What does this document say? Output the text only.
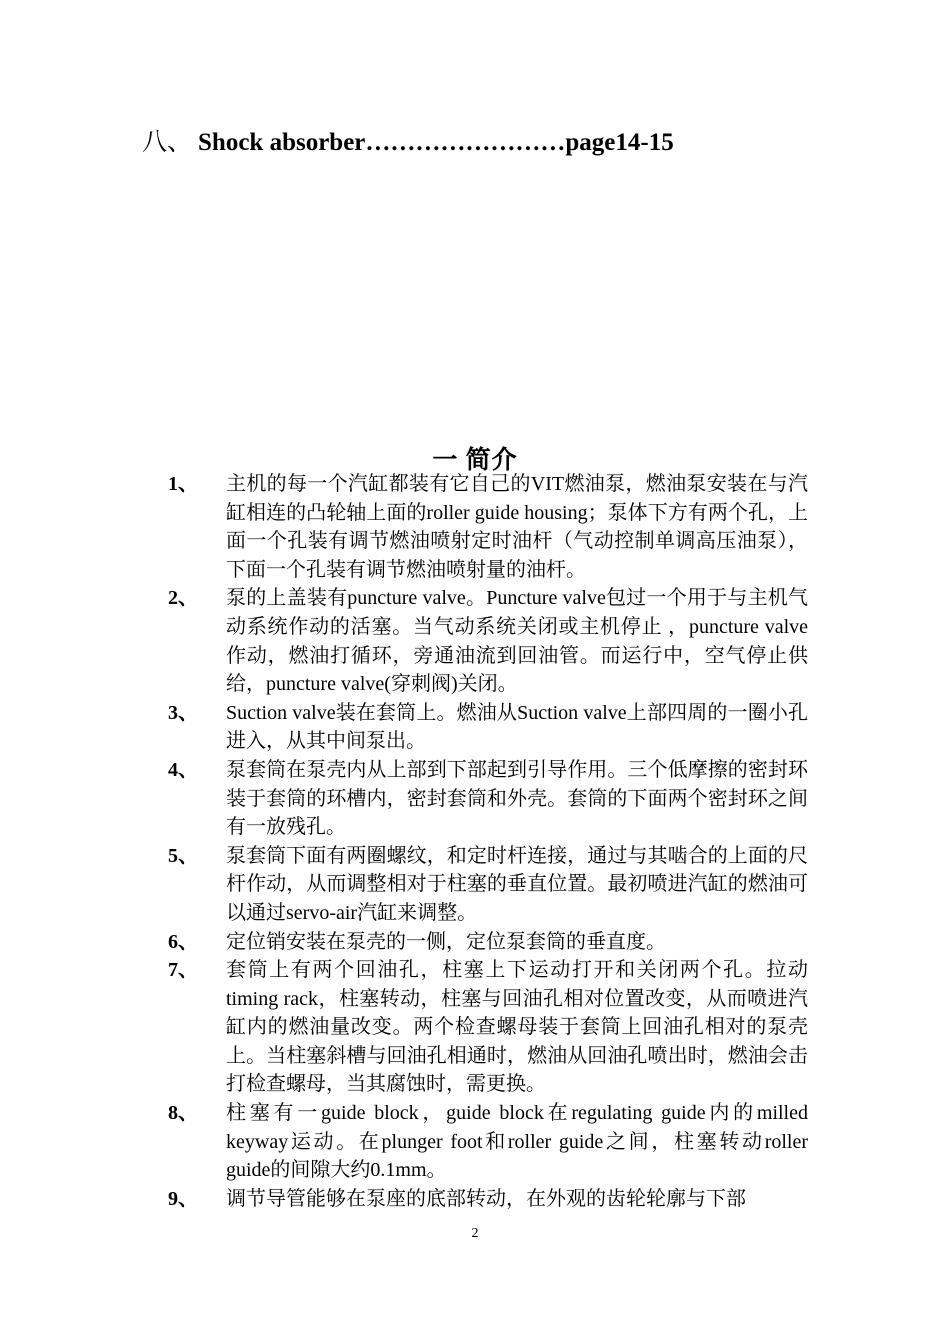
八、 Shock absorber……………………page14-15
一 简介
1、	主机的每一个汽缸都装有它自己的VIT燃油泵，燃油泵安装在与汽缸相连的凸轮轴上面的roller guide housing；泵体下方有两个孔，上面一个孔装有调节燃油喷射定时油杆（气动控制单调高压油泵），下面一个孔装有调节燃油喷射量的油杆。
2、	泵的上盖装有puncture valve。Puncture valve包过一个用于与主机气动系统作动的活塞。当气动系统关闭或主机停止 ，puncture valve作动，燃油打循环，旁通油流到回油管。而运行中，空气停止供给，puncture valve(穿刺阀)关闭。
3、	Suction valve装在套筒上。燃油从Suction valve上部四周的一圈小孔进入，从其中间泵出。
4、	泵套筒在泵壳内从上部到下部起到引导作用。三个低摩擦的密封环装于套筒的环槽内，密封套筒和外壳。套筒的下面两个密封环之间有一放残孔。
5、	泵套筒下面有两圈螺纹，和定时杆连接，通过与其啮合的上面的尺杆作动，从而调整相对于柱塞的垂直位置。最初喷进汽缸的燃油可以通过servo-air汽缸来调整。
6、	定位销安装在泵壳的一侧，定位泵套筒的垂直度。
7、	套筒上有两个回油孔，柱塞上下运动打开和关闭两个孔。拉动timing rack，柱塞转动，柱塞与回油孔相对位置改变，从而喷进汽缸内的燃油量改变。两个检查螺母装于套筒上回油孔相对的泵壳上。当柱塞斜槽与回油孔相通时，燃油从回油孔喷出时，燃油会击打检查螺母，当其腐蚀时，需更换。
8、	柱塞有一guide block，guide block在regulating guide内的milled keyway运动。在plunger foot和roller guide之间，柱塞转动roller guide的间隙大约0.1mm。
9、	调节导管能够在泵座的底部转动，在外观的齿轮轮廓与下部
2
